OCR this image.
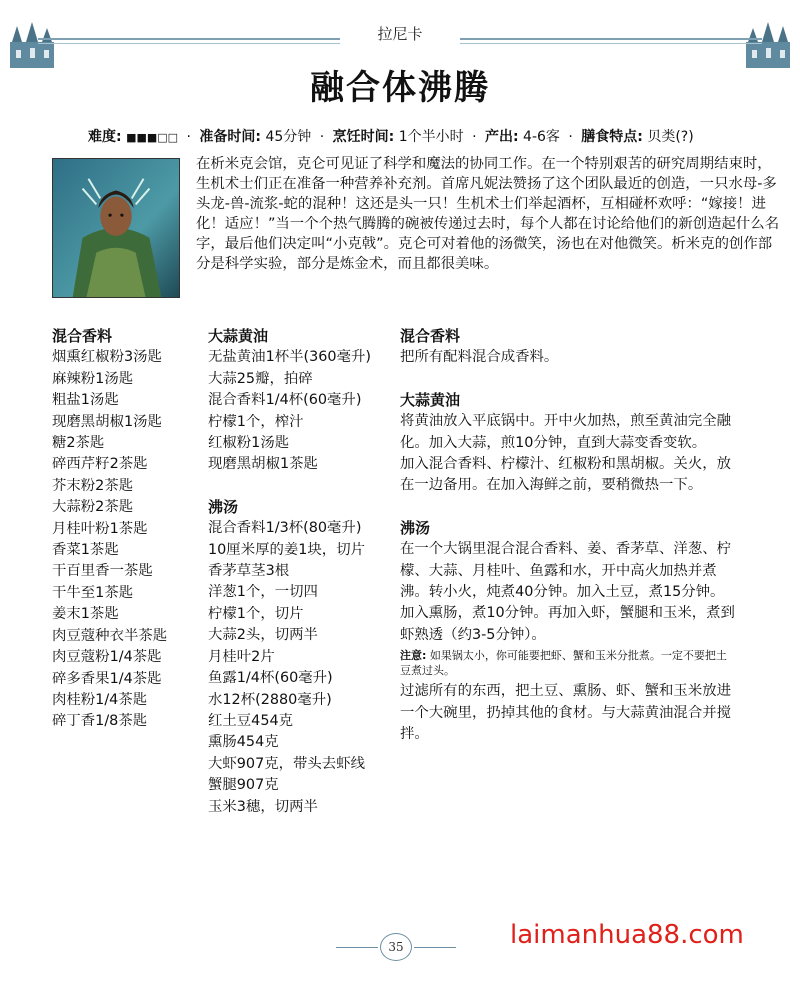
拉尼卡
融合体沸腾
难度: ■■■□□ · 准备时间: 45分钟 · 烹饪时间: 1个半小时 · 产出: 4-6客 · 膳食特点: 贝类(?)

在析米克会馆，克仑可见证了科学和魔法的协同工作。在一个特别艰苦的研究周期结束时，生机术士们正在准备一种营养补充剂。首席凡妮法赞扬了这个团队最近的创造，一只水母-多头龙-兽-流浆-蛇的混种！这还是头一只！生机术士们举起酒杯，互相碰杯欢呼：“嫁接！进化！适应！”当一个个热气腾腾的碗被传递过去时，每个人都在讨论给他们的新创造起什么名字，最后他们决定叫“小克戟”。克仑可对着他的汤微笑，汤也在对他微笑。析米克的创作部分是科学实验，部分是炼金术，而且都很美味。

混合香料
烟熏红椒粉3汤匙
麻辣粉1汤匙
粗盐1汤匙
现磨黑胡椒1汤匙
糖2茶匙
碎西芹籽2茶匙
芥末粉2茶匙
大蒜粉2茶匙
月桂叶粉1茶匙
香菜1茶匙
干百里香一茶匙
干牛至1茶匙
姜末1茶匙
肉豆蔻种衣半茶匙
肉豆蔻粉1/4茶匙
碎多香果1/4茶匙
肉桂粉1/4茶匙
碎丁香1/8茶匙
大蒜黄油
无盐黄油1杯半(360毫升)
大蒜25瓣，拍碎
混合香料1/4杯(60毫升)
柠檬1个，榨汁
红椒粉1汤匙
现磨黑胡椒1茶匙
沸汤
混合香料1/3杯(80毫升)
10厘米厚的姜1块，切片
香茅草茎3根
洋葱1个，一切四
柠檬1个，切片
大蒜2头，切两半
月桂叶2片
鱼露1/4杯(60毫升)
水12杯(2880毫升)
红土豆454克
熏肠454克
大虾907克，带头去虾线
蟹腿907克
玉米3穗，切两半
混合香料

把所有配料混合成香料。

大蒜黄油

将黄油放入平底锅中。开中火加热，煎至黄油完全融化。加入大蒜，煎10分钟，直到大蒜变香变软。

加入混合香料、柠檬汁、红椒粉和黑胡椒。关火，放在一边备用。在加入海鲜之前，要稍微热一下。

沸汤

在一个大锅里混合混合香料、姜、香茅草、洋葱、柠檬、大蒜、月桂叶、鱼露和水，开中高火加热并煮沸。转小火，炖煮40分钟。加入土豆，煮15分钟。加入熏肠，煮10分钟。再加入虾，蟹腿和玉米，煮到虾熟透（约3-5分钟）。

注意: 如果锅太小，你可能要把虾、蟹和玉米分批煮。一定不要把土豆煮过头。

过滤所有的东西，把土豆、熏肠、虾、蟹和玉米放进一个大碗里，扔掉其他的食材。与大蒜黄油混合并搅拌。

35	laimanhua88.com
